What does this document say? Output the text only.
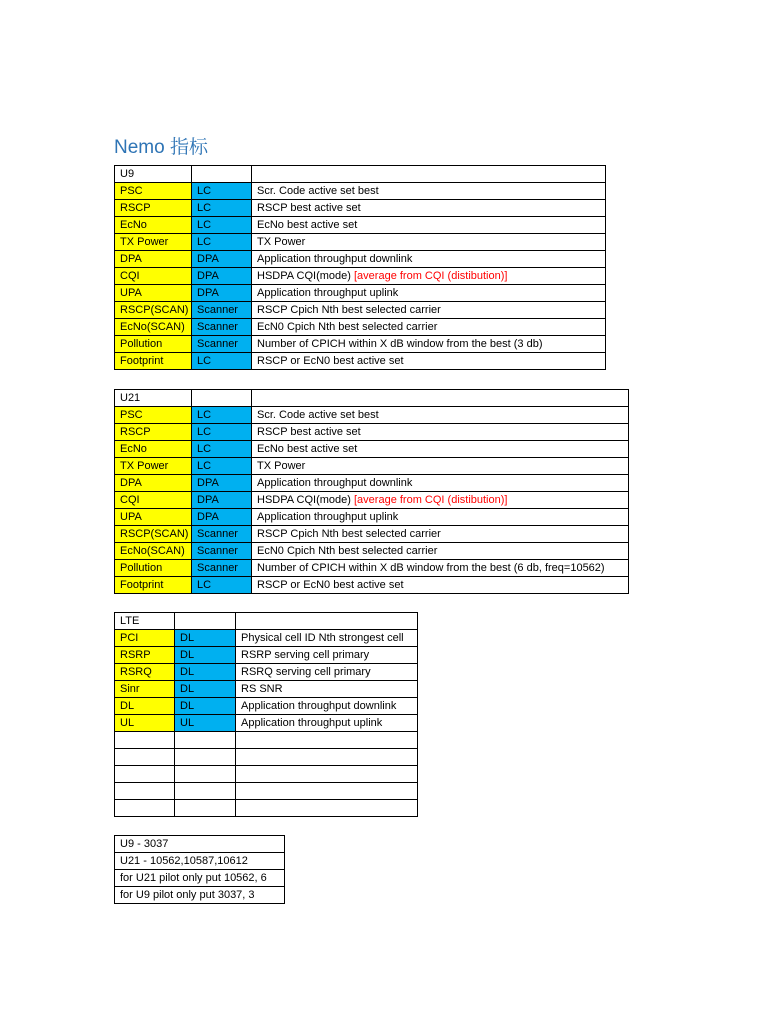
Nemo 指标
U9		
PSC	LC	Scr. Code active set best
RSCP	LC	RSCP best active set
EcNo	LC	EcNo best active set
TX Power	LC	TX Power
DPA	DPA	Application throughput downlink
CQI	DPA	HSDPA CQI(mode) [average from CQI (distibution)]
UPA	DPA	Application throughput uplink
RSCP(SCAN)	Scanner	RSCP Cpich Nth best selected carrier
EcNo(SCAN)	Scanner	EcN0 Cpich Nth best selected carrier
Pollution	Scanner	Number of CPICH within X dB window from the best (3 db)
Footprint	LC	RSCP or EcN0 best active set
U21		
PSC	LC	Scr. Code active set best
RSCP	LC	RSCP best active set
EcNo	LC	EcNo best active set
TX Power	LC	TX Power
DPA	DPA	Application throughput downlink
CQI	DPA	HSDPA CQI(mode) [average from CQI (distibution)]
UPA	DPA	Application throughput uplink
RSCP(SCAN)	Scanner	RSCP Cpich Nth best selected carrier
EcNo(SCAN)	Scanner	EcN0 Cpich Nth best selected carrier
Pollution	Scanner	Number of CPICH within X dB window from the best (6 db, freq=10562)
Footprint	LC	RSCP or EcN0 best active set
LTE		
PCI	DL	Physical cell ID Nth strongest cell
RSRP	DL	RSRP serving cell primary
RSRQ	DL	RSRQ serving cell primary
Sinr	DL	RS SNR
DL	DL	Application throughput downlink
UL	UL	Application throughput uplink

U9 - 3037
U21 - 10562,10587,10612
for U21 pilot only put 10562, 6
for U9 pilot only put 3037, 3
